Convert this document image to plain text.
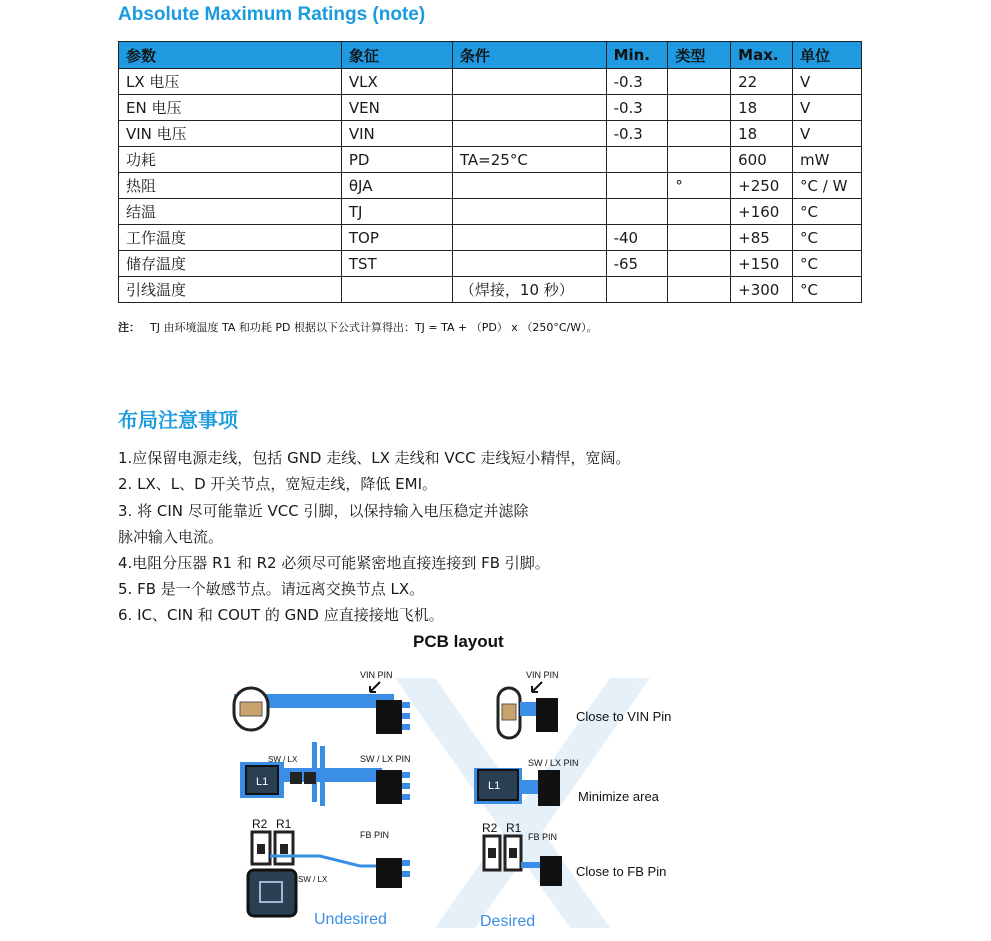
Absolute Maximum Ratings (note)
参数	象征	条件	Min.	类型	Max.	单位
LX 电压	VLX		-0.3		22	V
EN 电压	VEN		-0.3		18	V
VIN 电压	VIN		-0.3		18	V
功耗	PD	TA=25°C			600	mW
热阻	θJA			°	+250	°C / W
结温	TJ				+160	°C
工作温度	TOP		-40		+85	°C
储存温度	TST		-65		+150	°C
引线温度		（焊接，10 秒）			+300	°C
注： TJ 由环境温度 TA 和功耗 PD 根据以下公式计算得出：TJ = TA + （PD） x （250°C/W）。
布局注意事项
1.应保留电源走线，包括 GND 走线、LX 走线和 VCC 走线短小精悍，宽阔。
2. LX、L、D 开关节点，宽短走线，降低 EMI。
3. 将 CIN 尽可能靠近 VCC 引脚，以保持输入电压稳定并滤除
脉冲输入电流。
4.电阻分压器 R1 和 R2 必须尽可能紧密地直接连接到 FB 引脚。
5. FB 是一个敏感节点。请远离交换节点 LX。
6. IC、CIN 和 COUT 的 GND 应直接接地飞机。
PCB layout
VIN PIN
L1
SW / LX	SW / LX PIN
R2 R1
FB PIN
SW / LX
Undesired
VIN PIN
Close to VIN Pin
L1
SW / LX PIN
Minimize area
R2 R1
FB PIN
Close to FB Pin
Desired
